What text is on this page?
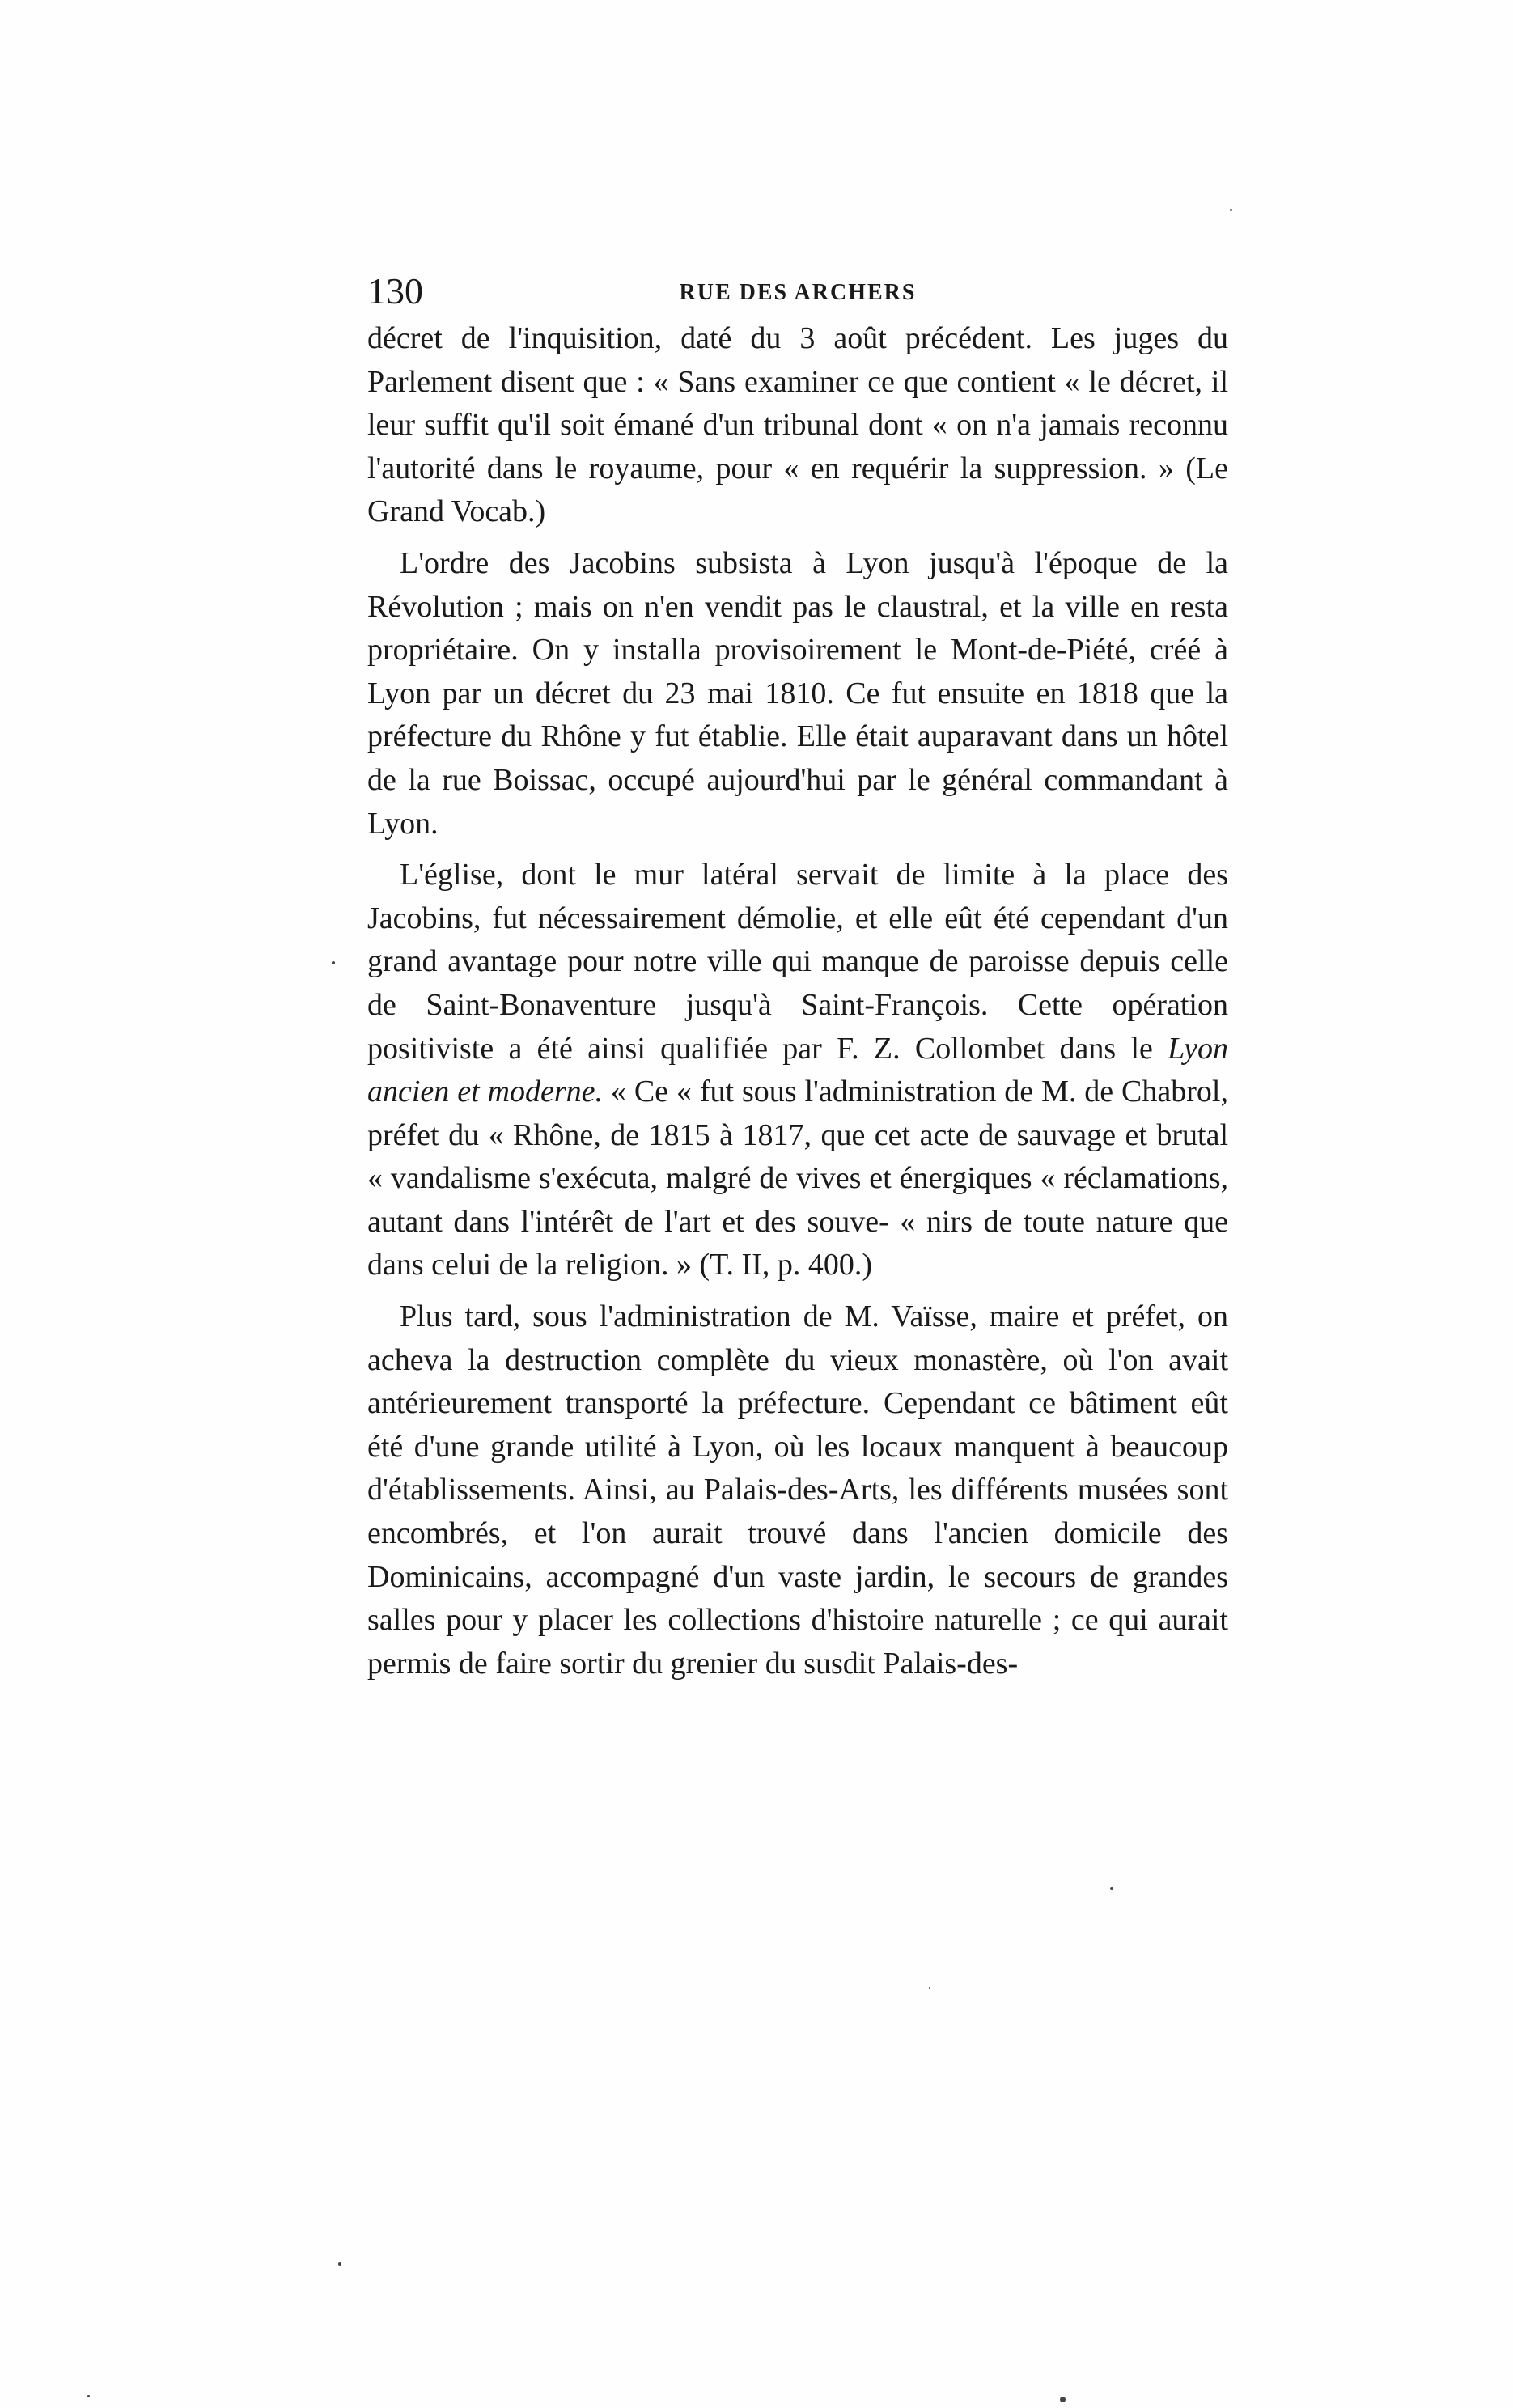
130	RUE DES ARCHERS

décret de l'inquisition, daté du 3 août précédent. Les juges du Parlement disent que : « Sans examiner ce que contient « le décret, il leur suffit qu'il soit émané d'un tribunal dont « on n'a jamais reconnu l'autorité dans le royaume, pour « en requérir la suppression. » (Le Grand Vocab.)

L'ordre des Jacobins subsista à Lyon jusqu'à l'époque de la Révolution ; mais on n'en vendit pas le claustral, et la ville en resta propriétaire. On y installa provisoirement le Mont-de-Piété, créé à Lyon par un décret du 23 mai 1810. Ce fut ensuite en 1818 que la préfecture du Rhône y fut établie. Elle était auparavant dans un hôtel de la rue Boissac, occupé aujourd'hui par le général commandant à Lyon.

L'église, dont le mur latéral servait de limite à la place des Jacobins, fut nécessairement démolie, et elle eût été cependant d'un grand avantage pour notre ville qui manque de paroisse depuis celle de Saint-Bonaventure jusqu'à Saint-François. Cette opération positiviste a été ainsi qualifiée par F. Z. Collombet dans le Lyon ancien et moderne. « Ce « fut sous l'administration de M. de Chabrol, préfet du « Rhône, de 1815 à 1817, que cet acte de sauvage et brutal « vandalisme s'exécuta, malgré de vives et énergiques « réclamations, autant dans l'intérêt de l'art et des souve- « nirs de toute nature que dans celui de la religion. » (T. II, p. 400.)

Plus tard, sous l'administration de M. Vaïsse, maire et préfet, on acheva la destruction complète du vieux monastère, où l'on avait antérieurement transporté la préfecture. Cependant ce bâtiment eût été d'une grande utilité à Lyon, où les locaux manquent à beaucoup d'établissements. Ainsi, au Palais-des-Arts, les différents musées sont encombrés, et l'on aurait trouvé dans l'ancien domicile des Dominicains, accompagné d'un vaste jardin, le secours de grandes salles pour y placer les collections d'histoire naturelle ; ce qui aurait permis de faire sortir du grenier du susdit Palais-des-
